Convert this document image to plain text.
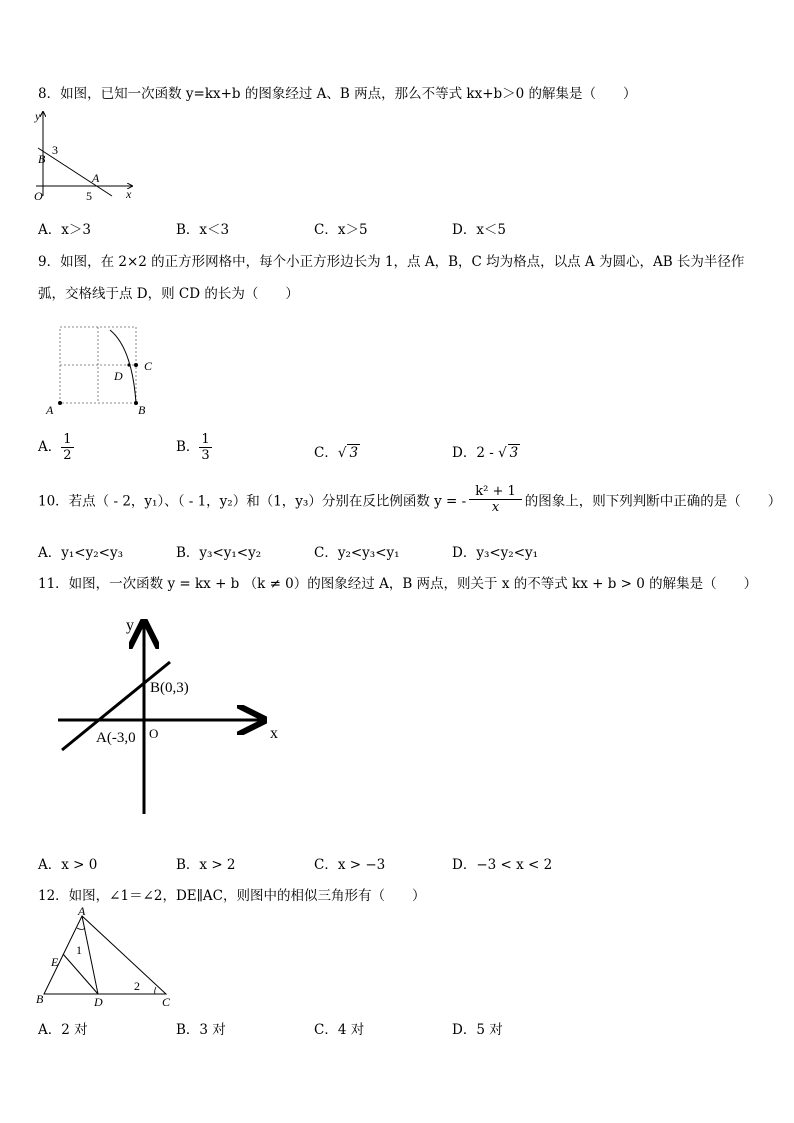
8．如图，已知一次函数 y=kx+b 的图象经过 A、B 两点，那么不等式 kx+b＞0 的解集是（　　）
y
x
O
B
A
3
5
A．x＞3	B．x＜3	C．x＞5	D．x＜5
9．如图，在 2×2 的正方形网格中，每个小正方形边长为 1，点 A，B，C 均为格点，以点 A 为圆心，AB 长为半径作
弧，交格线于点 D，则 CD 的长为（　　）
A	B
C
D
A． $\frac{1}{2}$	B． $\frac{1}{3}$	C．√ 3	D．2 - √ 3
10．若点（ - 2，y₁）、（ - 1，y₂）和（1，y₃）分别在反比例函数 y = - $\frac{\text{k² + 1}}{x}$ 的图象上，则下列判断中正确的是（　　）
A．y₁<y₂<y₃	B．y₃<y₁<y₂	C．y₂<y₃<y₁	D．y₃<y₂<y₁
11．如图，一次函数 y = kx + b （k ≠ 0）的图象经过 A，B 两点，则关于 x 的不等式 kx + b > 0 的解集是（　　）
y
x
O
B(0,3)
A(-3,0
A．x > 0	B．x > 2	C．x > −3	D．−3 < x < 2
12．如图，∠1＝∠2，DE∥AC，则图中的相似三角形有（　　）
A
B	C
D
E
1
2
A．2 对	B．3 对	C．4 对	D．5 对
